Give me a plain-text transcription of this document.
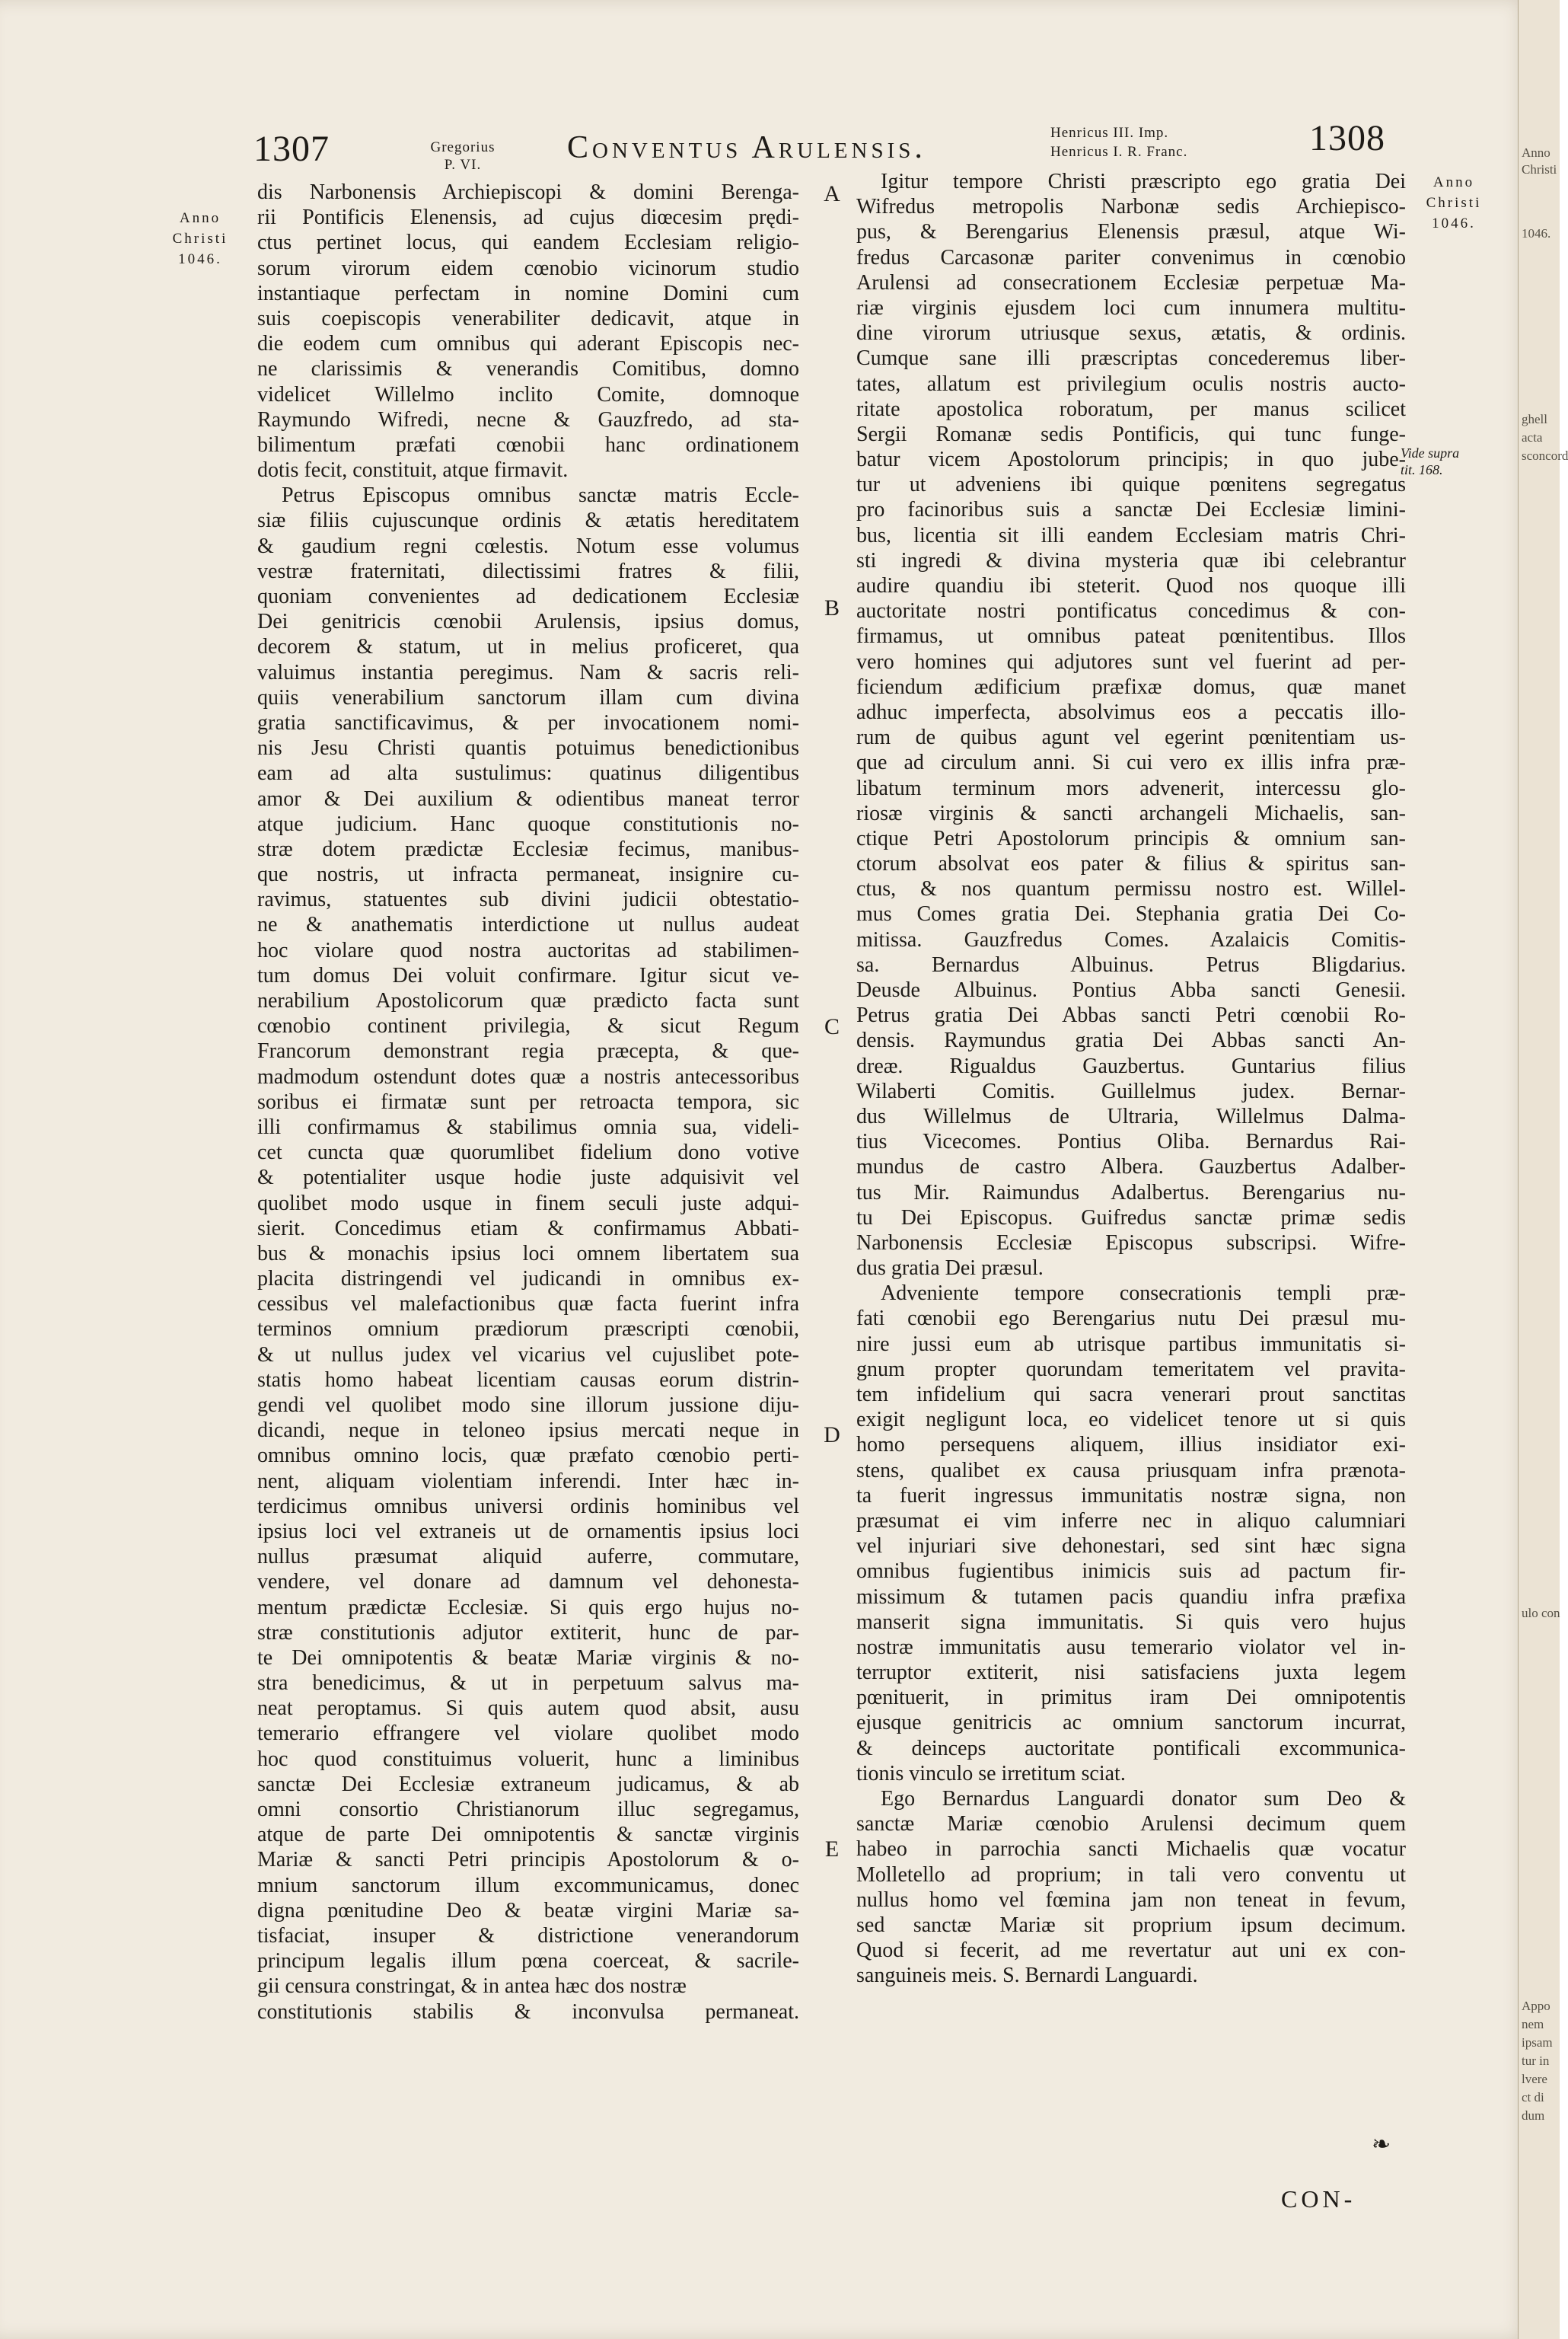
1307	Gregorius
P. VI.	Conventus Arulensis.	Henricus III. Imp.
Henricus I. R. Franc.	1308
Anno
Christi
1046.
Anno
Christi
1046.
Vide supra
tit. 168.
dis Narbonensis Archiepiscopi & domini Berenga-
rii Pontificis Elenensis, ad cujus diœcesim prędi-
ctus pertinet locus, qui eandem Ecclesiam religio-
sorum virorum eidem cœnobio vicinorum studio
instantiaque perfectam in nomine Domini cum
suis coepiscopis venerabiliter dedicavit, atque in
die eodem cum omnibus qui aderant Episcopis nec-
ne clarissimis & venerandis Comitibus, domno
videlicet Willelmo inclito Comite, domnoque
Raymundo Wifredi, necne & Gauzfredo, ad sta-
bilimentum præfati cœnobii hanc ordinationem
dotis fecit, constituit, atque firmavit.
Petrus Episcopus omnibus sanctæ matris Eccle-
siæ filiis cujuscunque ordinis & ætatis hereditatem
& gaudium regni cœlestis. Notum esse volumus
vestræ fraternitati, dilectissimi fratres & filii,
quoniam convenientes ad dedicationem Ecclesiæ
Dei genitricis cœnobii Arulensis, ipsius domus,
decorem & statum, ut in melius proficeret, qua
valuimus instantia peregimus. Nam & sacris reli-
quiis venerabilium sanctorum illam cum divina
gratia sanctificavimus, & per invocationem nomi-
nis Jesu Christi quantis potuimus benedictionibus
eam ad alta sustulimus: quatinus diligentibus
amor & Dei auxilium & odientibus maneat terror
atque judicium. Hanc quoque constitutionis no-
stræ dotem prædictæ Ecclesiæ fecimus, manibus-
que nostris, ut infracta permaneat, insignire cu-
ravimus, statuentes sub divini judicii obtestatio-
ne & anathematis interdictione ut nullus audeat
hoc violare quod nostra auctoritas ad stabilimen-
tum domus Dei voluit confirmare. Igitur sicut ve-
nerabilium Apostolicorum quæ prædicto facta sunt
cœnobio continent privilegia, & sicut Regum
Francorum demonstrant regia præcepta, & que-
madmodum ostendunt dotes quæ a nostris antecessoribus
soribus ei firmatæ sunt per retroacta tempora, sic
illi confirmamus & stabilimus omnia sua, videli-
cet cuncta quæ quorumlibet fidelium dono votive
& potentialiter usque hodie juste adquisivit vel
quolibet modo usque in finem seculi juste adqui-
sierit. Concedimus etiam & confirmamus Abbati-
bus & monachis ipsius loci omnem libertatem sua
placita distringendi vel judicandi in omnibus ex-
cessibus vel malefactionibus quæ facta fuerint infra
terminos omnium prædiorum præscripti cœnobii,
& ut nullus judex vel vicarius vel cujuslibet pote-
statis homo habeat licentiam causas eorum distrin-
gendi vel quolibet modo sine illorum jussione diju-
dicandi, neque in teloneo ipsius mercati neque in
omnibus omnino locis, quæ præfato cœnobio perti-
nent, aliquam violentiam inferendi. Inter hæc in-
terdicimus omnibus universi ordinis hominibus vel
ipsius loci vel extraneis ut de ornamentis ipsius loci
nullus præsumat aliquid auferre, commutare,
vendere, vel donare ad damnum vel dehonesta-
mentum prædictæ Ecclesiæ. Si quis ergo hujus no-
stræ constitutionis adjutor extiterit, hunc de par-
te Dei omnipotentis & beatæ Mariæ virginis & no-
stra benedicimus, & ut in perpetuum salvus ma-
neat peroptamus. Si quis autem quod absit, ausu
temerario effrangere vel violare quolibet modo
hoc quod constituimus voluerit, hunc a liminibus
sanctæ Dei Ecclesiæ extraneum judicamus, & ab
omni consortio Christianorum illuc segregamus,
atque de parte Dei omnipotentis & sanctæ virginis
Mariæ & sancti Petri principis Apostolorum & o-
mnium sanctorum illum excommunicamus, donec
digna pœnitudine Deo & beatæ virgini Mariæ sa-
tisfaciat, insuper & districtione venerandorum
principum legalis illum pœna coerceat, & sacrile-
gii censura constringat, & in antea hæc dos nostræ
constitutionis stabilis & inconvulsa permaneat.
Igitur tempore Christi præscripto ego gratia Dei
Wifredus metropolis Narbonæ sedis Archiepisco-
pus, & Berengarius Elenensis præsul, atque Wi-
fredus Carcasonæ pariter convenimus in cœnobio
Arulensi ad consecrationem Ecclesiæ perpetuæ Ma-
riæ virginis ejusdem loci cum innumera multitu-
dine virorum utriusque sexus, ætatis, & ordinis.
Cumque sane illi præscriptas concederemus liber-
tates, allatum est privilegium oculis nostris aucto-
ritate apostolica roboratum, per manus scilicet
Sergii Romanæ sedis Pontificis, qui tunc funge-
batur vicem Apostolorum principis; in quo jube-
tur ut adveniens ibi quique pœnitens segregatus
pro facinoribus suis a sanctæ Dei Ecclesiæ limini-
bus, licentia sit illi eandem Ecclesiam matris Chri-
sti ingredi & divina mysteria quæ ibi celebrantur
audire quandiu ibi steterit. Quod nos quoque illi
auctoritate nostri pontificatus concedimus & con-
firmamus, ut omnibus pateat pœnitentibus. Illos
vero homines qui adjutores sunt vel fuerint ad per-
ficiendum ædificium præfixæ domus, quæ manet
adhuc imperfecta, absolvimus eos a peccatis illo-
rum de quibus agunt vel egerint pœnitentiam us-
que ad circulum anni. Si cui vero ex illis infra præ-
libatum terminum mors advenerit, intercessu glo-
riosæ virginis & sancti archangeli Michaelis, san-
ctique Petri Apostolorum principis & omnium san-
ctorum absolvat eos pater & filius & spiritus san-
ctus, & nos quantum permissu nostro est. Willel-
mus Comes gratia Dei. Stephania gratia Dei Co-
mitissa. Gauzfredus Comes. Azalaicis Comitis-
sa. Bernardus Albuinus. Petrus Bligdarius.
Deusde Albuinus. Pontius Abba sancti Genesii.
Petrus gratia Dei Abbas sancti Petri cœnobii Ro-
densis. Raymundus gratia Dei Abbas sancti An-
dreæ. Rigualdus Gauzbertus. Guntarius filius
Wilaberti Comitis. Guillelmus judex. Bernar-
dus Willelmus de Ultraria, Willelmus Dalma-
tius Vicecomes. Pontius Oliba. Bernardus Rai-
mundus de castro Albera. Gauzbertus Adalber-
tus Mir. Raimundus Adalbertus. Berengarius nu-
tu Dei Episcopus. Guifredus sanctæ primæ sedis
Narbonensis Ecclesiæ Episcopus subscripsi. Wifre-
dus gratia Dei præsul.
Adveniente tempore consecrationis templi præ-
fati cœnobii ego Berengarius nutu Dei præsul mu-
nire jussi eum ab utrisque partibus immunitatis si-
gnum propter quorundam temeritatem vel pravita-
tem infidelium qui sacra venerari prout sanctitas
exigit negligunt loca, eo videlicet tenore ut si quis
homo persequens aliquem, illius insidiator exi-
stens, qualibet ex causa priusquam infra prænota-
ta fuerit ingressus immunitatis nostræ signa, non
præsumat ei vim inferre nec in aliquo calumniari
vel injuriari sive dehonestari, sed sint hæc signa
omnibus fugientibus inimicis suis ad pactum fir-
missimum & tutamen pacis quandiu infra præfixa
manserit signa immunitatis. Si quis vero hujus
nostræ immunitatis ausu temerario violator vel in-
terruptor extiterit, nisi satisfaciens juxta legem
pœnituerit, in primitus iram Dei omnipotentis
ejusque genitricis ac omnium sanctorum incurrat,
& deinceps auctoritate pontificali excommunica-
tionis vinculo se irretitum sciat.
Ego Bernardus Languardi donator sum Deo &
sanctæ Mariæ cœnobio Arulensi decimum quem
habeo in parrochia sancti Michaelis quæ vocatur
Molletello ad proprium; in tali vero conventu ut
nullus homo vel fœmina jam non teneat in fevum,
sed sanctæ Mariæ sit proprium ipsum decimum.
Quod si fecerit, ad me revertatur aut uni ex con-
sanguineis meis. S. Bernardi Languardi.
A
B
C
D
E
❧
CON-
Anno
Christi
1046.
ghell
acta
sconcord
ulo con
Appo
nem
ipsam
tur in
lvere
ct di
dum
